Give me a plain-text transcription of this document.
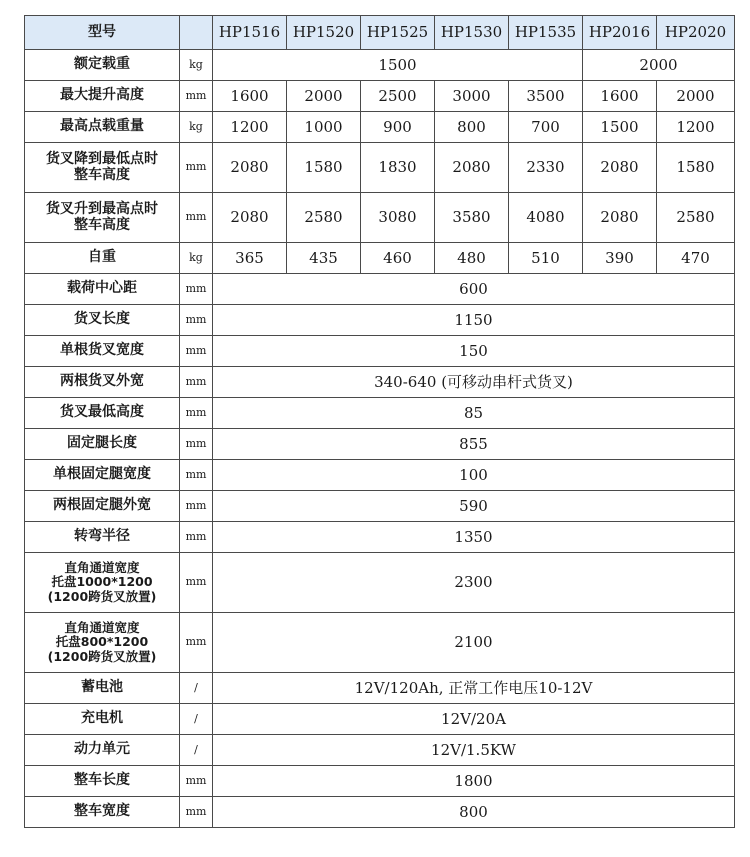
型号		HP1516	HP1520	HP1525	HP1530	HP1535	HP2016	HP2020
额定载重	kg	1500					2000	
最大提升高度	mm	1600	2000	2500	3000	3500	1600	2000
最高点载重量	kg	1200	1000	900	800	700	1500	1200

货叉降到最低点时
整车高度	mm	2080	1580	1830	2080	2330	2080	1580

货叉升到最高点时
整车高度	mm	2080	2580	3080	3580	4080	2080	2580
自重	kg	365	435	460	480	510	390	470
载荷中心距	mm	600						
货叉长度	mm	1150						
单根货叉宽度	mm	150						
两根货叉外宽	mm	340-640 (可移动串杆式货叉)						
货叉最低高度	mm	85						
固定腿长度	mm	855						
单根固定腿宽度	mm	100						
两根固定腿外宽	mm	590						
转弯半径	mm	1350						

直角通道宽度
托盘1000*1200
(1200跨货叉放置)	mm	2300						

直角通道宽度
托盘800*1200
(1200跨货叉放置)	mm	2100						
蓄电池	/	12V/120Ah, 正常工作电压10-12V						
充电机	/	12V/20A						
动力单元	/	12V/1.5KW						
整车长度	mm	1800						
整车宽度	mm	800						
